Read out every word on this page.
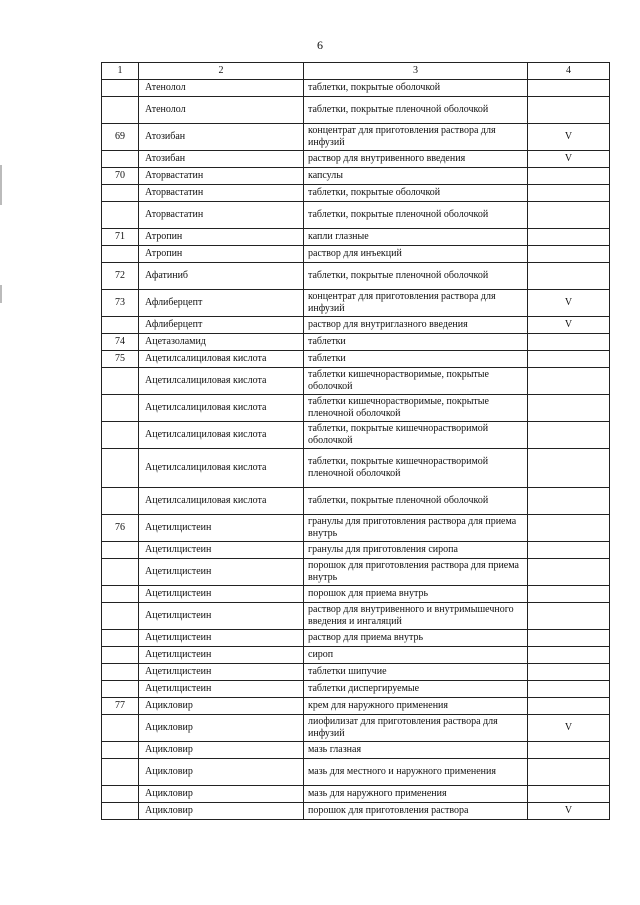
6
1	2	3	4
	Атенолол	таблетки, покрытые оболочкой	
	Атенолол	таблетки, покрытые пленочной оболочкой	
69	Атозибан	концентрат для приготовления раствора для инфузий	V
	Атозибан	раствор для внутривенного введения	V
70	Аторвастатин	капсулы	
	Аторвастатин	таблетки, покрытые оболочкой	
	Аторвастатин	таблетки, покрытые пленочной оболочкой	
71	Атропин	капли глазные	
	Атропин	раствор для инъекций	
72	Афатиниб	таблетки, покрытые пленочной оболочкой	
73	Афлиберцепт	концентрат для приготовления раствора для инфузий	V
	Афлиберцепт	раствор для внутриглазного введения	V
74	Ацетазоламид	таблетки	
75	Ацетилсалициловая кислота	таблетки	
	Ацетилсалициловая кислота	таблетки кишечнорастворимые, покрытые оболочкой	
	Ацетилсалициловая кислота	таблетки кишечнорастворимые, покрытые пленочной оболочкой	
	Ацетилсалициловая кислота	таблетки, покрытые кишечнорастворимой оболочкой	
	Ацетилсалициловая кислота	таблетки, покрытые кишечнорастворимой пленочной оболочкой	
	Ацетилсалициловая кислота	таблетки, покрытые пленочной оболочкой	
76	Ацетилцистеин	гранулы для приготовления раствора для приема внутрь	
	Ацетилцистеин	гранулы для приготовления сиропа	
	Ацетилцистеин	порошок для приготовления раствора для приема внутрь	
	Ацетилцистеин	порошок для приема внутрь	
	Ацетилцистеин	раствор для внутривенного и внутримышечного введения и ингаляций	
	Ацетилцистеин	раствор для приема внутрь	
	Ацетилцистеин	сироп	
	Ацетилцистеин	таблетки шипучие	
	Ацетилцистеин	таблетки диспергируемые	
77	Ацикловир	крем для наружного применения	
	Ацикловир	лиофилизат для приготовления раствора для инфузий	V
	Ацикловир	мазь глазная	
	Ацикловир	мазь для местного и наружного применения	
	Ацикловир	мазь для наружного применения	
	Ацикловир	порошок для приготовления раствора	V
